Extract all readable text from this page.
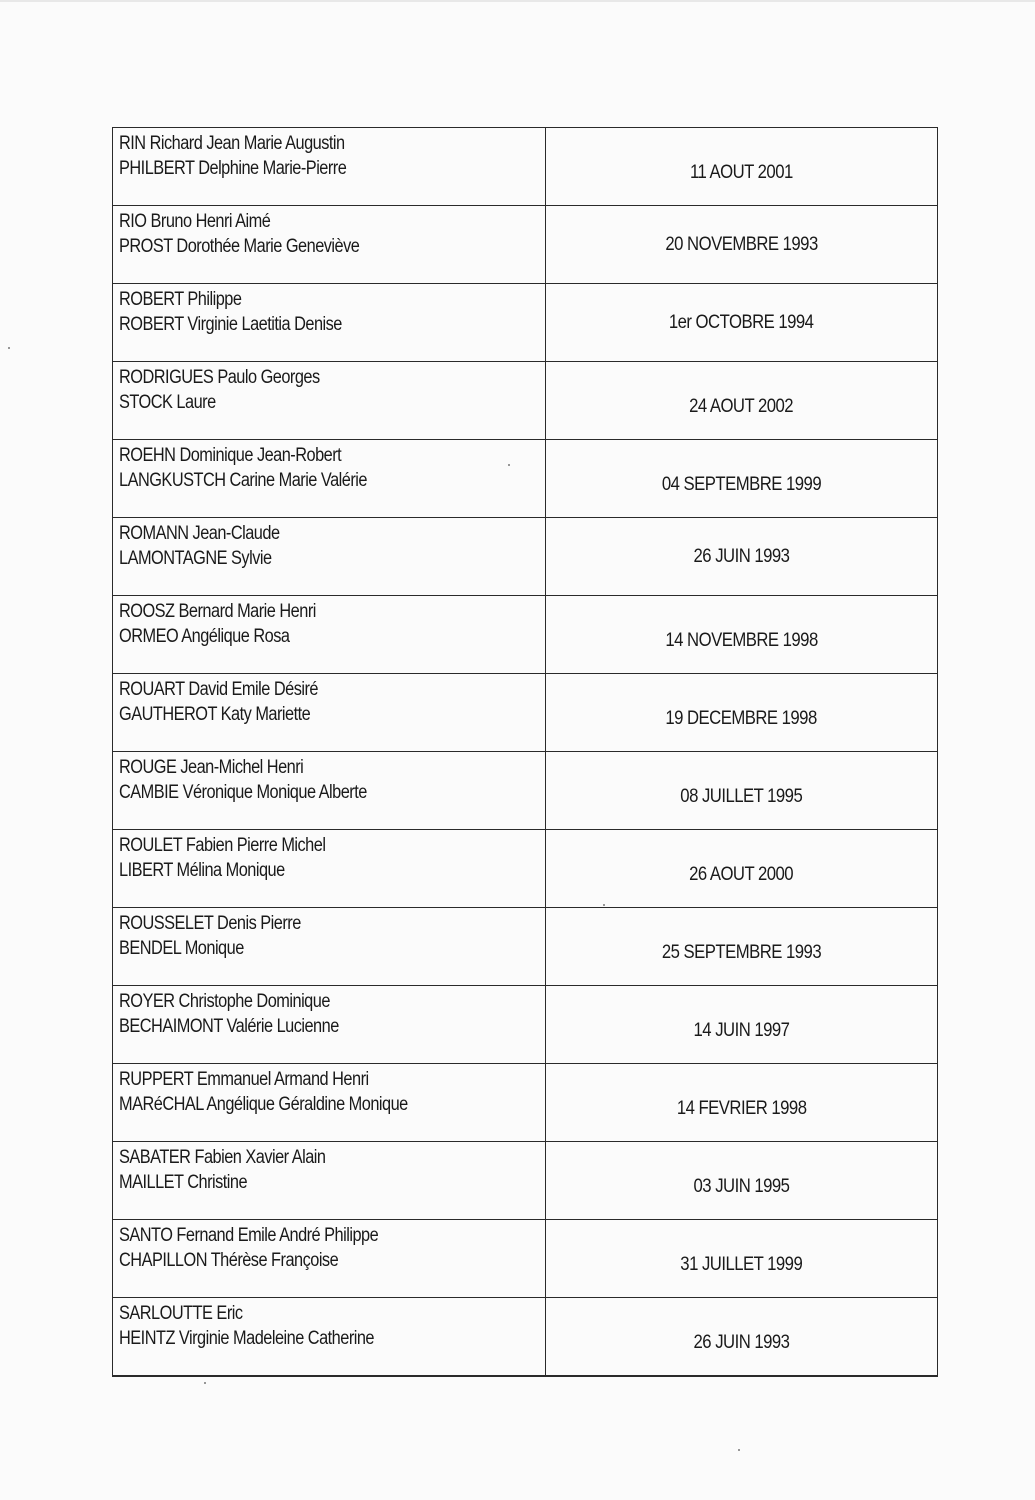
RIN Richard Jean Marie Augustin
PHILBERT Delphine Marie-Pierre	11 AOUT 2001

RIO Bruno Henri Aimé
PROST Dorothée Marie Geneviève	20 NOVEMBRE 1993

ROBERT Philippe
ROBERT Virginie Laetitia Denise	1er OCTOBRE 1994

RODRIGUES Paulo Georges
STOCK Laure	24 AOUT 2002

ROEHN Dominique Jean-Robert
LANGKUSTCH Carine Marie Valérie	04 SEPTEMBRE 1999

ROMANN Jean-Claude
LAMONTAGNE Sylvie	26 JUIN 1993

ROOSZ Bernard Marie Henri
ORMEO Angélique Rosa	14 NOVEMBRE 1998

ROUART David Emile Désiré
GAUTHEROT Katy Mariette	19 DECEMBRE 1998

ROUGE Jean-Michel Henri
CAMBIE Véronique Monique Alberte	08 JUILLET 1995

ROULET Fabien Pierre Michel
LIBERT Mélina Monique	26 AOUT 2000

ROUSSELET Denis Pierre
BENDEL Monique	25 SEPTEMBRE 1993

ROYER Christophe Dominique
BECHAIMONT Valérie Lucienne	14 JUIN 1997

RUPPERT Emmanuel Armand Henri
MARéCHAL Angélique Géraldine Monique	14 FEVRIER 1998

SABATER Fabien Xavier Alain
MAILLET Christine	03 JUIN 1995

SANTO Fernand Emile André Philippe
CHAPILLON Thérèse Françoise	31 JUILLET 1999

SARLOUTTE Eric
HEINTZ Virginie Madeleine Catherine	26 JUIN 1993
